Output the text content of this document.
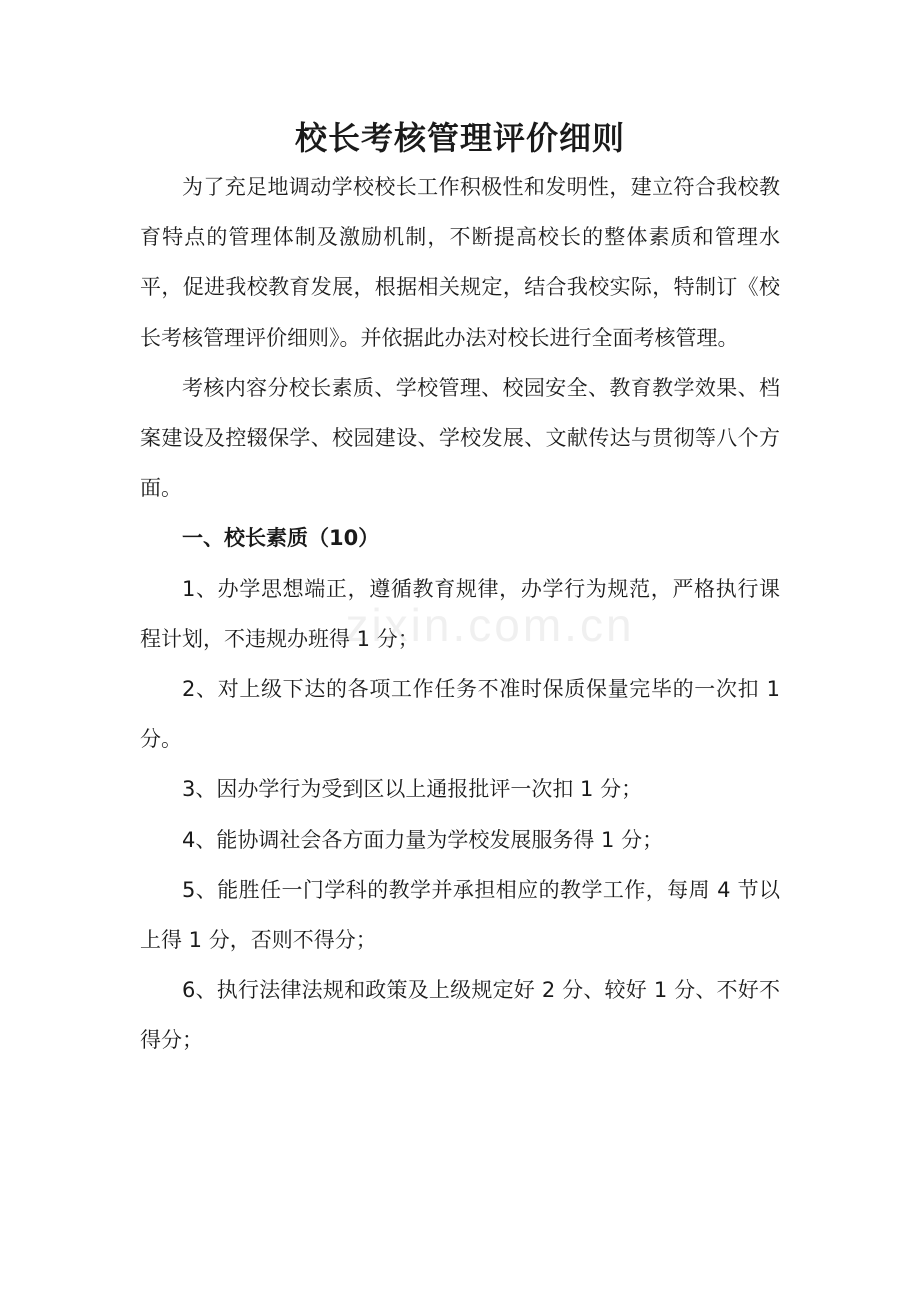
校长考核管理评价细则

为了充足地调动学校校长工作积极性和发明性，建立符合我校教育特点的管理体制及激励机制，不断提高校长的整体素质和管理水平，促进我校教育发展，根据相关规定，结合我校实际，特制订《校长考核管理评价细则》。并依据此办法对校长进行全面考核管理。

考核内容分校长素质、学校管理、校园安全、教育教学效果、档案建设及控辍保学、校园建设、学校发展、文献传达与贯彻等八个方面。

一、校长素质（10）

1、办学思想端正，遵循教育规律，办学行为规范，严格执行课程计划，不违规办班得 1 分；

2、对上级下达的各项工作任务不准时保质保量完毕的一次扣 1 分。

3、因办学行为受到区以上通报批评一次扣 1 分；

4、能协调社会各方面力量为学校发展服务得 1 分；

5、能胜任一门学科的教学并承担相应的教学工作，每周 4 节以上得 1 分，否则不得分；

6、执行法律法规和政策及上级规定好 2 分、较好 1 分、不好不得分；

zixin.com.cn
